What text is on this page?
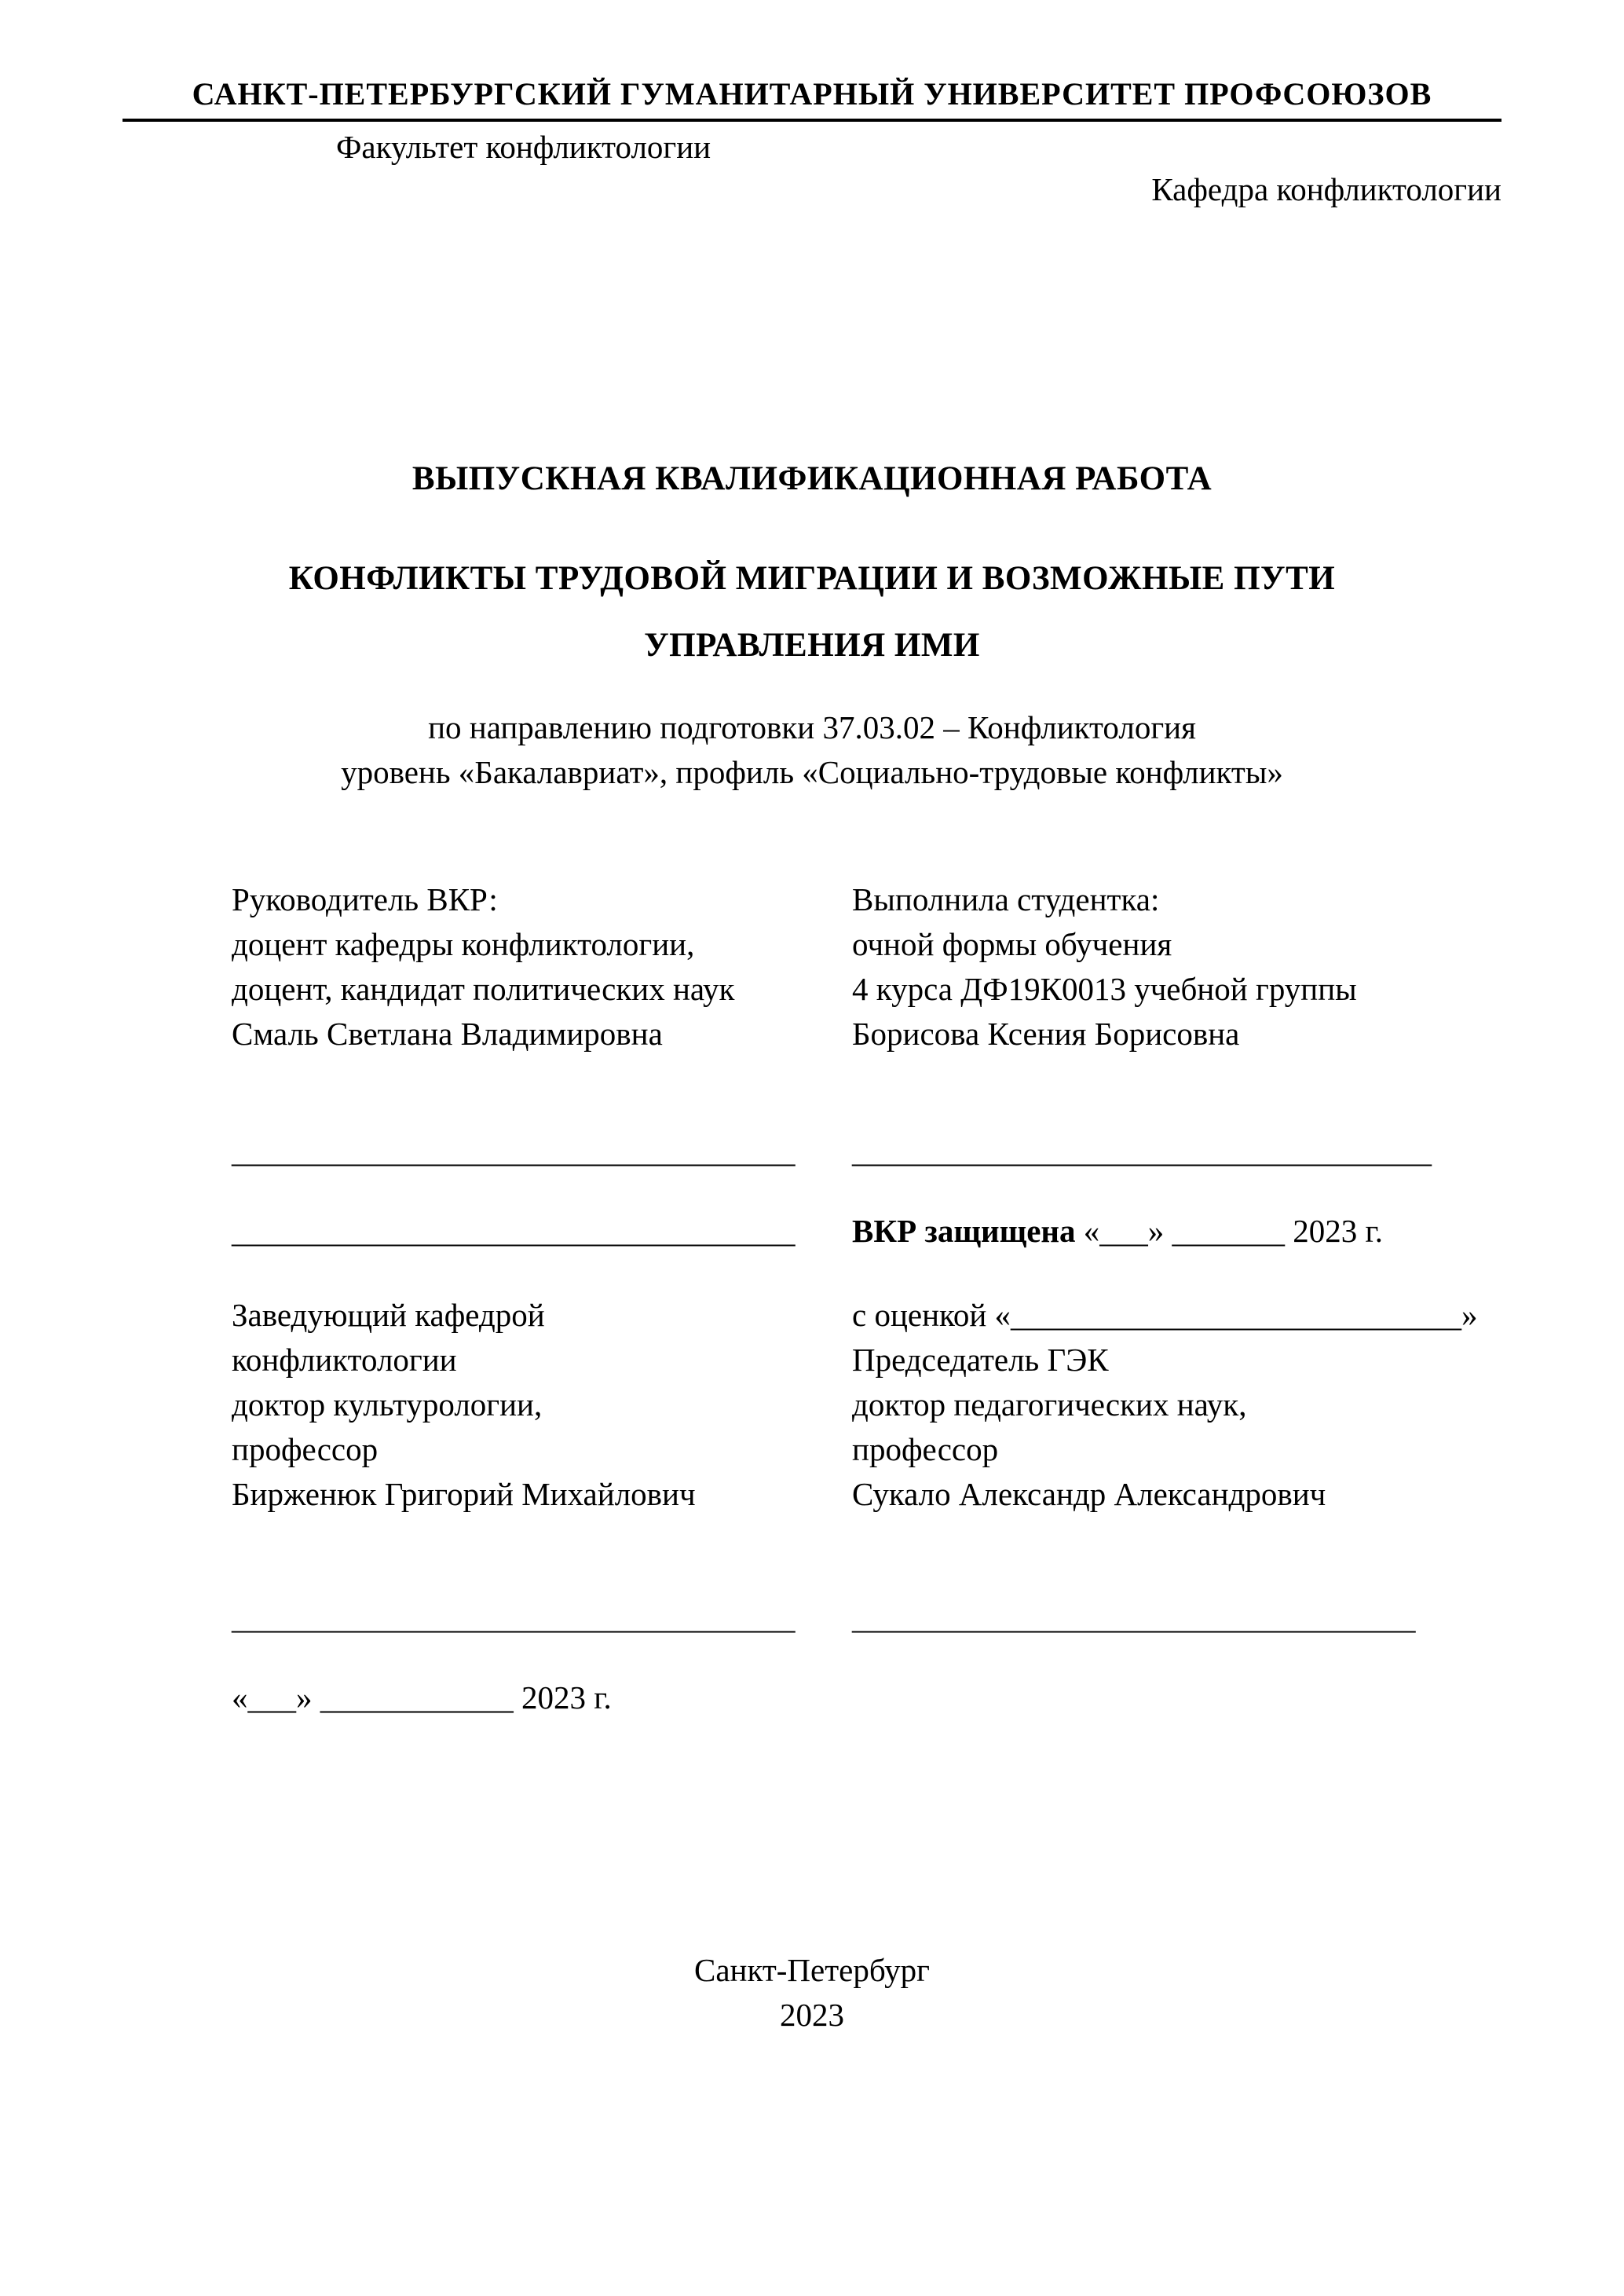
САНКТ-ПЕТЕРБУРГСКИЙ ГУМАНИТАРНЫЙ УНИВЕРСИТЕТ ПРОФСОЮЗОВ
Факультет конфликтологии
Кафедра конфликтологии
ВЫПУСКНАЯ КВАЛИФИКАЦИОННАЯ РАБОТА
КОНФЛИКТЫ ТРУДОВОЙ МИГРАЦИИ И ВОЗМОЖНЫЕ ПУТИ
УПРАВЛЕНИЯ ИМИ
по направлению подготовки 37.03.02 – Конфликтология
уровень «Бакалавриат», профиль «Социально-трудовые конфликты»
Руководитель ВКР:
доцент кафедры конфликтологии,
доцент, кандидат политических наук
Смаль Светлана Владимировна
Выполнила студентка:
очной формы обучения
4 курса ДФ19К0013 учебной группы
Борисова Ксения Борисовна
___________________________________	____________________________________
___________________________________	ВКР защищена «___» _______ 2023 г.
Заведующий кафедрой
конфликтологии
доктор культурологии,
профессор
Бирженюк Григорий Михайлович
с оценкой «____________________________»
Председатель ГЭК
доктор педагогических наук,
профессор
Сукало Александр Александрович
___________________________________	___________________________________
«___» ____________ 2023 г.
Санкт-Петербург
2023
